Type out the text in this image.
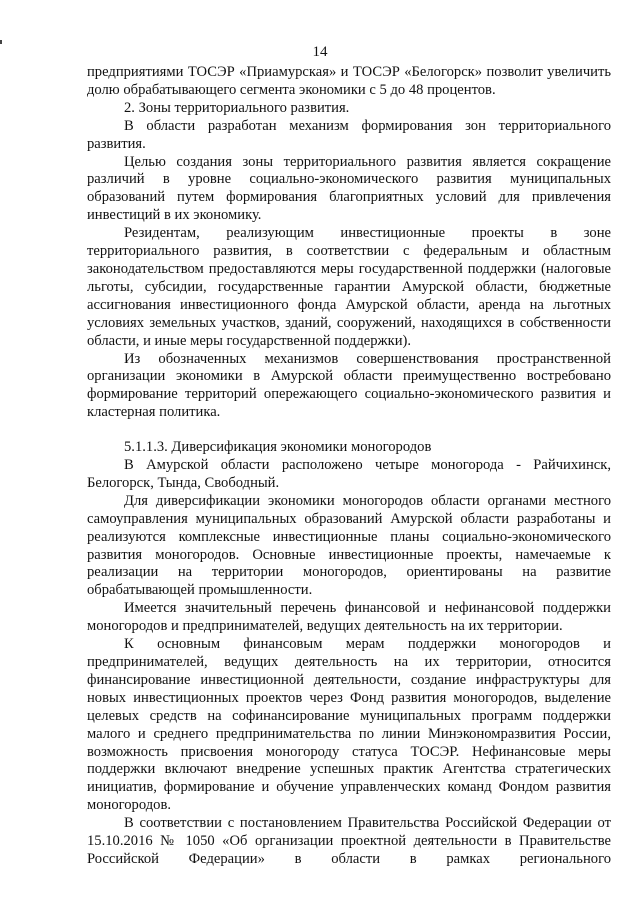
14

предприятиями ТОСЭР «Приамурская» и ТОСЭР «Белогорск» позволит увеличить долю обрабатывающего сегмента экономики с 5 до 48 процентов.

2. Зоны территориального развития.

В области разработан механизм формирования зон территориального развития.

Целью создания зоны территориального развития является сокращение различий в уровне социально-экономического развития муниципальных образований путем формирования благоприятных условий для привлечения инвестиций в их экономику.

Резидентам, реализующим инвестиционные проекты в зоне территориального развития, в соответствии с федеральным и областным законодательством предоставляются меры государственной поддержки (налоговые льготы, субсидии, государственные гарантии Амурской области, бюджетные ассигнования инвестиционного фонда Амурской области, аренда на льготных условиях земельных участков, зданий, сооружений, находящихся в собственности области, и иные меры государственной поддержки).

Из обозначенных механизмов совершенствования пространственной организации экономики в Амурской области преимущественно востребовано формирование территорий опережающего социально-экономического развития и кластерная политика.

5.1.1.3. Диверсификация экономики моногородов

В Амурской области расположено четыре моногорода - Райчихинск, Белогорск, Тында, Свободный.

Для диверсификации экономики моногородов области органами местного самоуправления муниципальных образований Амурской области разработаны и реализуются комплексные инвестиционные планы социально-экономического развития моногородов. Основные инвестиционные проекты, намечаемые к реализации на территории моногородов, ориентированы на развитие обрабатывающей промышленности.

Имеется значительный перечень финансовой и нефинансовой поддержки моногородов и предпринимателей, ведущих деятельность на их территории.

К основным финансовым мерам поддержки моногородов и предпринимателей, ведущих деятельность на их территории, относится финансирование инвестиционной деятельности, создание инфраструктуры для новых инвестиционных проектов через Фонд развития моногородов, выделение целевых средств на софинансирование муниципальных программ поддержки малого и среднего предпринимательства по линии Минэкономразвития России, возможность присвоения моногороду статуса ТОСЭР. Нефинансовые меры поддержки включают внедрение успешных практик Агентства стратегических инициатив, формирование и обучение управленческих команд Фондом развития моногородов.

В соответствии с постановлением Правительства Российской Федерации от 15.10.2016 № 1050 «Об организации проектной деятельности в Правительстве Российской Федерации» в области в рамках регионального
